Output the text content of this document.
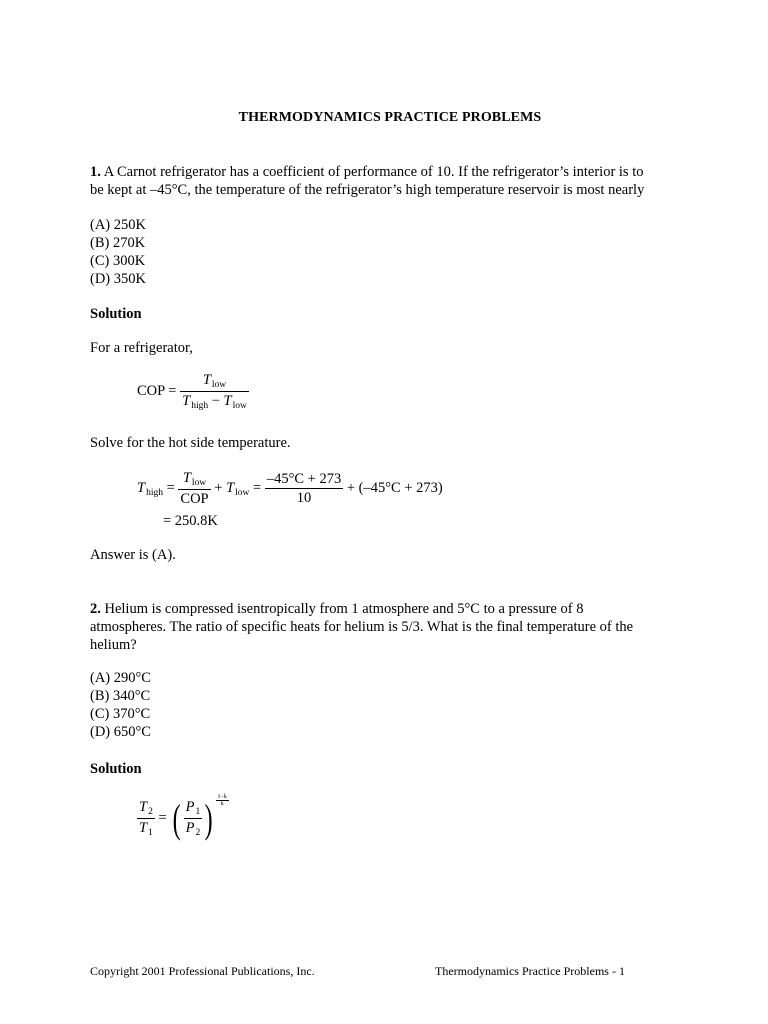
THERMODYNAMICS PRACTICE PROBLEMS
1. A Carnot refrigerator has a coefficient of performance of 10. If the refrigerator’s interior is to
be kept at –45°C, the temperature of the refrigerator’s high temperature reservoir is most nearly
(A) 250K
(B) 270K
(C) 300K
(D) 350K
Solution
For a refrigerator,
COP = $\frac{T_{low}}{T_{high} - T_{low}}$
Solve for the hot side temperature.
$T_{high} = \frac{T_{low}}{\text{COP}} + T_{low} = \frac{-45^\circ C + 273}{10} + (-45^\circ C + 273)$
= 250.8K
Answer is (A).
2. Helium is compressed isentropically from 1 atmosphere and 5°C to a pressure of 8
atmospheres. The ratio of specific heats for helium is 5/3. What is the final temperature of the
helium?
(A) 290°C
(B) 340°C
(C) 370°C
(D) 650°C
Solution
$\frac{T_2}{T_1}$ = ( $\frac{P_1}{P_2}$ ) $\frac{1-k}{k}$
Copyright 2001 Professional Publications, Inc.	Thermodynamics Practice Problems - 1
